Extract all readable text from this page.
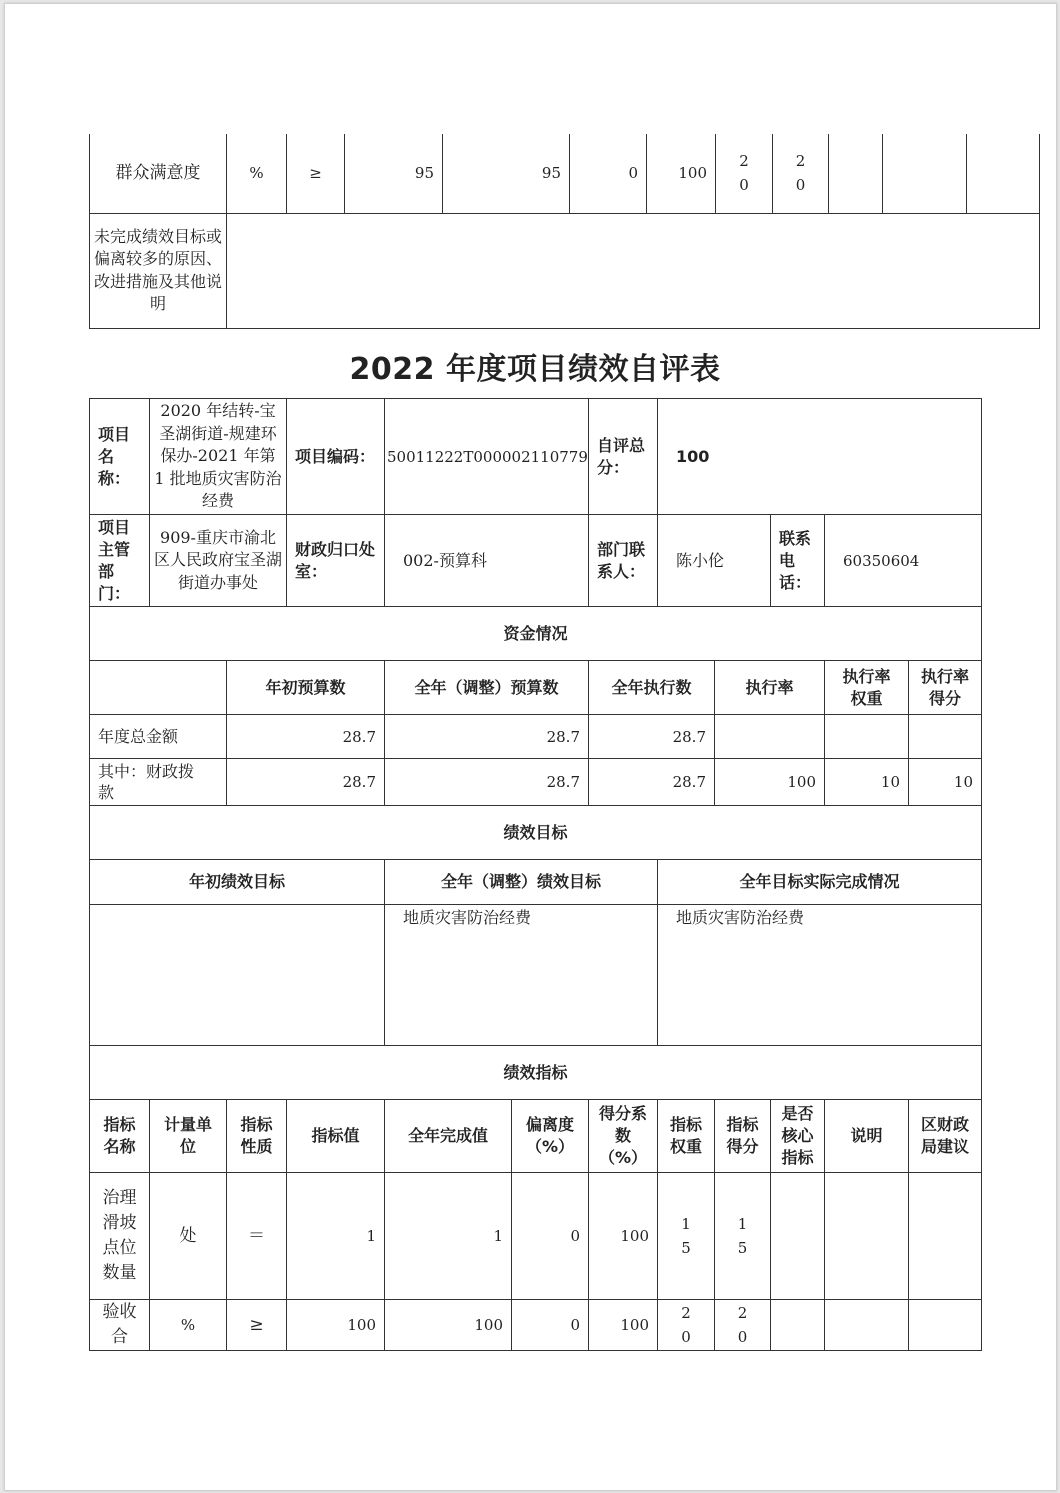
群众满意度	%	≥	95	95	0	100	20	20			

未完成绩效目标或偏离较多的原因、改进措施及其他说明											
2022 年度项目绩效自评表
项目名称：	2020 年结转-宝圣湖街道-规建环保办-2021 年第 1 批地质灾害防治经费		项目编码：	50011222T000002110779		自评总分：	100				
项目主管部门：	909-重庆市渝北区人民政府宝圣湖街道办事处		财政归口处室：	002-预算科		部门联系人：	陈小伦		联系电话：	60350604	
资金情况											
		年初预算数		全年（调整）预算数		全年执行数		执行率		执行率权重	执行率得分
年度总金额		28.7		28.7		28.7					
其中：财政拨款		28.7		28.7		28.7		100		10	10
绩效目标											
年初绩效目标				全年（调整）绩效目标			全年目标实际完成情况				
				地质灾害防治经费			地质灾害防治经费				
绩效指标											
指标名称	计量单位	指标性质	指标值	全年完成值	偏离度（%）	得分系数（%）	指标权重	指标得分	是否核心指标	说明	区财政局建议
治理滑坡点位数量	处	＝	1	1	0	100	15	15			

验收合	%	≥	100	100	0	100	20	20			
